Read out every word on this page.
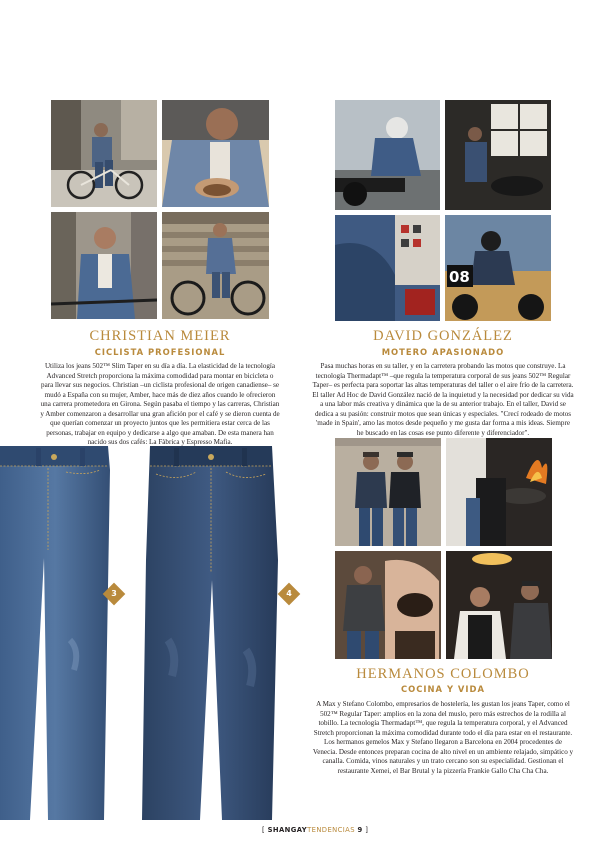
CHRISTIAN MEIER
CICLISTA PROFESIONAL
Utiliza los jeans 502™ Slim Taper en su día a día. La elasticidad de la tecnología Advanced Stretch proporciona la máxima comodidad para montar en bicicleta o para llevar sus negocios. Christian –un ciclista profesional de origen canadiense– se mudó a España con su mujer, Amber, hace más de diez años cuando le ofrecieron una carrera prometedora en Girona. Según pasaba el tiempo y las carreras, Christian y Amber comenzaron a desarrollar una gran afición por el café y se dieron cuenta de que querían comenzar un proyecto juntos que les permitiera estar cerca de las personas, trabajar en equipo y dedicarse a algo que amaban. De esta manera han nacido sus dos cafés: La Fàbrica y Espresso Mafia.
08
DAVID GONZÁLEZ
MOTERO APASIONADO
Pasa muchas horas en su taller, y en la carretera probando las motos que construye. La tecnología Thermadapt™ –que regula la temperatura corporal de sus jeans 502™ Regular Taper– es perfecta para soportar las altas temperaturas del taller o el aire frío de la carretera. El taller Ad Hoc de David González nació de la inquietud y la necesidad por dedicar su vida a una labor más creativa y dinámica que la de su anterior trabajo. En el taller, David se dedica a su pasión: construir motos que sean únicas y especiales. "Crecí rodeado de motos 'made in Spain', amo las motos desde pequeño y me gusta dar forma a mis ideas. Siempre he buscado en las cosas ese punto diferente y diferenciador".
3	4
HERMANOS COLOMBO
COCINA Y VIDA
A Max y Stefano Colombo, empresarios de hostelería, les gustan los jeans Taper, como el 502™ Regular Taper: amplios en la zona del muslo, pero más estrechos de la rodilla al tobillo. La tecnología Thermadapt™, que regula la temperatura corporal, y el Advanced Stretch proporcionan la máxima comodidad durante todo el día para estar en el restaurante. Los hermanos gemelos Max y Stefano llegaron a Barcelona en 2004 procedentes de Venecia. Desde entonces preparan cocina de alto nivel en un ambiente relajado, simpático y canalla. Comida, vinos naturales y un trato cercano son su especialidad. Gestionan el restaurante Xemei, el Bar Brutal y la pizzería Frankie Gallo Cha Cha Cha.
[ SHANGAYTENDENCIAS 9 ]
